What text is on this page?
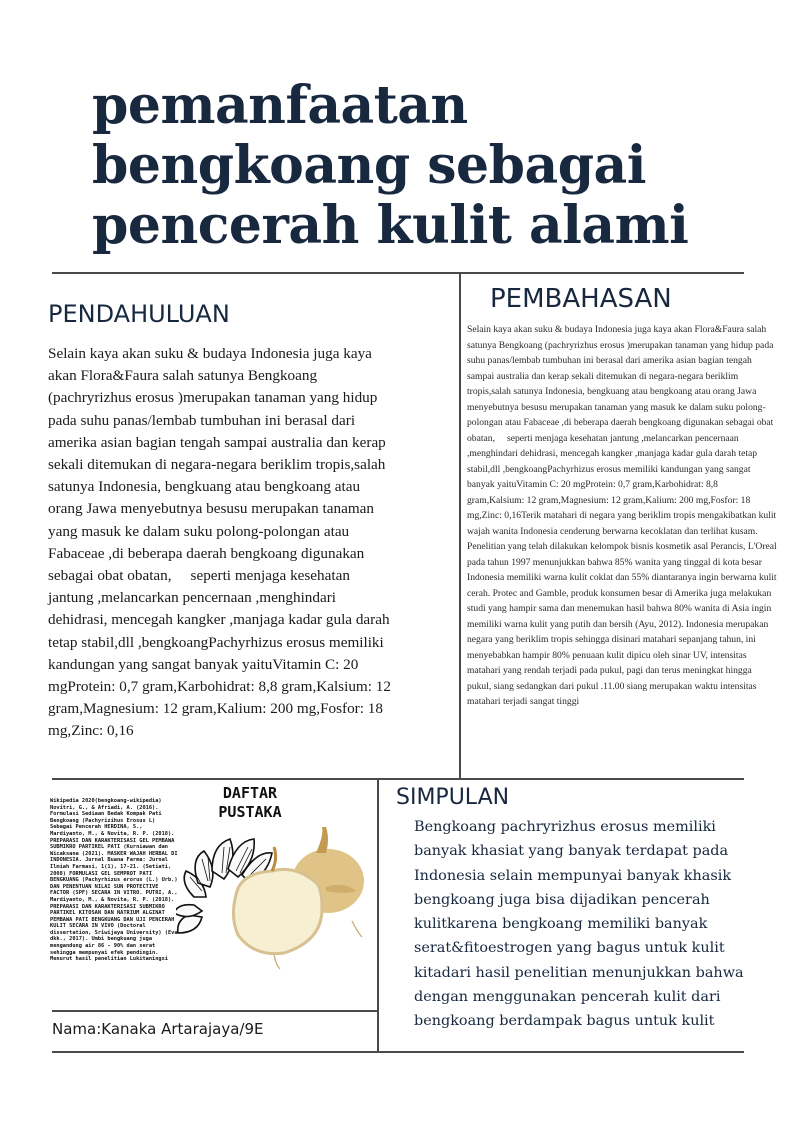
pemanfaatan bengkoang sebagai pencerah kulit alami
PENDAHULUAN

Selain kaya akan suku & budaya Indonesia juga kaya akan Flora&Faura salah satunya Bengkoang (pachryrizhus erosus )merupakan tanaman yang hidup pada suhu panas/lembab tumbuhan ini berasal dari amerika asian bagian tengah sampai australia dan kerap sekali ditemukan di negara-negara beriklim tropis,salah satunya Indonesia, bengkuang atau bengkoang atau orang Jawa menyebutnya besusu merupakan tanaman yang masuk ke dalam suku polong-polongan atau Fabaceae ,di beberapa daerah bengkoang digunakan sebagai obat obatan,     seperti menjaga kesehatan jantung ,melancarkan pencernaan ,menghindari dehidrasi, mencegah kangker ,manjaga kadar gula darah tetap stabil,dll ,bengkoangPachyrhizus erosus memiliki kandungan yang sangat banyak yaituVitamin C: 20 mgProtein: 0,7 gram,Karbohidrat: 8,8 gram,Kalsium: 12 gram,Magnesium: 12 gram,Kalium: 200 mg,Fosfor: 18 mg,Zinc: 0,16

PEMBAHASAN

Selain kaya akan suku & budaya Indonesia juga kaya akan Flora&Faura salah satunya Bengkoang (pachryrizhus erosus )merupakan tanaman yang hidup pada suhu panas/lembab tumbuhan ini berasal dari amerika asian bagian tengah sampai australia dan kerap sekali ditemukan di negara-negara beriklim tropis,salah satunya Indonesia, bengkuang atau bengkoang atau orang Jawa menyebutnya besusu merupakan tanaman yang masuk ke dalam suku polong-polongan atau Fabaceae ,di beberapa daerah bengkoang digunakan sebagai obat obatan,     seperti menjaga kesehatan jantung ,melancarkan pencernaan ,menghindari dehidrasi, mencegah kangker ,manjaga kadar gula darah tetap stabil,dll ,bengkoangPachyrhizus erosus memiliki kandungan yang sangat banyak yaituVitamin C: 20 mgProtein: 0,7 gram,Karbohidrat: 8,8 gram,Kalsium: 12 gram,Magnesium: 12 gram,Kalium: 200 mg,Fosfor: 18 mg,Zinc: 0,16Terik matahari di negara yang beriklim tropis mengakibatkan kulit wajah wanita Indonesia cenderung berwarna kecoklatan dan terlihat kusam. Penelitian yang telah dilakukan kelompok bisnis kosmetik asal Perancis, L'Oreal pada tahun 1997 menunjukkan bahwa 85% wanita yang tinggal di kota besar Indonesia memiliki warna kulit coklat dan 55% diantaranya ingin berwarna kulit cerah. Protec and Gamble, produk konsumen besar di Amerika juga melakukan studi yang hampir sama dan menemukan hasil bahwa 80% wanita di Asia ingin memiliki warna kulit yang putih dan bersih (Ayu, 2012). Indonesia merupakan negara yang beriklim tropis sehingga disinari matahari sepanjang tahun, ini menyebabkan hampir 80% penuaan kulit dipicu oleh sinar UV, intensitas matahari yang rendah terjadi pada pukul, pagi dan terus meningkat hingga pukul, siang sedangkan dari pukul .11.00 siang merupakan waktu intensitas matahari terjadi sangat tinggi

Wikipedia 2020(bengkoang-wikipedia) Novitri, G., & Afriadi, A. (2016). Formulasi Sediaan Bedak Kompak Pati Bengkoang (Pachyrizihus Erosus L) Sebagai Pencerah HERDINA, S., Mardiyanto, M., & Novita, R. P. (2018). PREPARASI DAN KARAKTERISASI GEL PEMBAWA SUBMIKRO PARTIKEL PATI (Kurniawan dan Wicaksana (2021). MASKER WAJAH HERBAL DI INDONESIA. Jurnal Buana Farma: Jurnal Ilmiah Farmasi, 1(1), 17-21. (Setiati, 2008) FORMULASI GEL SEMPROT PATI BENGKUANG (Pachyrhizus erorus (L.) Urb.) DAN PENENTUAN NILAI SUN PROTECTIVE FACTOR (SPF) SECARA IN VITRO. PUTRI, A., Mardiyanto, M., & Novita, R. P. (2018). PREPARASI DAN KARAKTERISASI SUBMIKRO PARTIKEL KITOSAN DAN NATRIUM ALGINAT PEMBAWA PATI BENGKUANG DAN UJI PENCERAH KULIT SECARA IN VIVO (Doctoral dissertation, Sriwijaya University) (Eva dkk., 2017). Umbi bengkuang juga mengandung air 86 - 90% dan serat sehingga mempunyai efek pendingin. Menurut hasil penelitian Lukitaningsi

DAFTAR PUSTAKA

Nama:Kanaka Artarajaya/9E

SIMPULAN

Bengkoang pachryrizhus erosus memiliki banyak khasiat yang banyak terdapat pada Indonesia selain mempunyai banyak khasik bengkoang juga bisa dijadikan pencerah kulitkarena bengkoang memiliki banyak serat&fitoestrogen yang bagus untuk kulit kitadari hasil penelitian menunjukkan bahwa dengan menggunakan pencerah kulit dari bengkoang berdampak bagus untuk kulit
